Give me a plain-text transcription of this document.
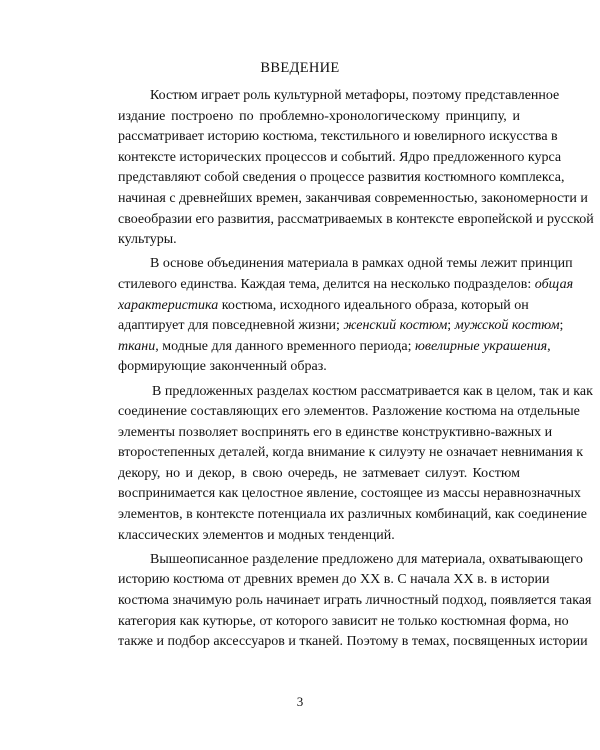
ВВЕДЕНИЕ
Костюм играет роль культурной метафоры, поэтому представленное
издание построено по проблемно-хронологическому принципу, и
рассматривает историю костюма, текстильного и ювелирного искусства в
контексте исторических процессов и событий. Ядро предложенного курса
представляют собой сведения о процессе развития костюмного комплекса,
начиная с древнейших времен, заканчивая современностью, закономерности и
своеобразии его развития, рассматриваемых в контексте европейской и русской
культуры.
В основе объединения материала в рамках одной темы лежит принцип
стилевого единства. Каждая тема, делится на несколько подразделов: общая
характеристика костюма, исходного идеального образа, который он
адаптирует для повседневной жизни; женский костюм; мужской костюм;
ткани, модные для данного временного периода; ювелирные украшения,
формирующие законченный образ.
В предложенных разделах костюм рассматривается как в целом, так и как
соединение составляющих его элементов. Разложение костюма на отдельные
элементы позволяет воспринять его в единстве конструктивно-важных и
второстепенных деталей, когда внимание к силуэту не означает невнимания к
декору, но и декор, в свою очередь, не затмевает силуэт. Костюм
воспринимается как целостное явление, состоящее из массы неравнозначных
элементов, в контексте потенциала их различных комбинаций, как соединение
классических элементов и модных тенденций.
Вышеописанное разделение предложено для материала, охватывающего
историю костюма от древних времен до XX в. С начала XX в. в истории
костюма значимую роль начинает играть личностный подход, появляется такая
категория как кутюрье, от которого зависит не только костюмная форма, но
также и подбор аксессуаров и тканей. Поэтому в темах, посвященных истории
3
